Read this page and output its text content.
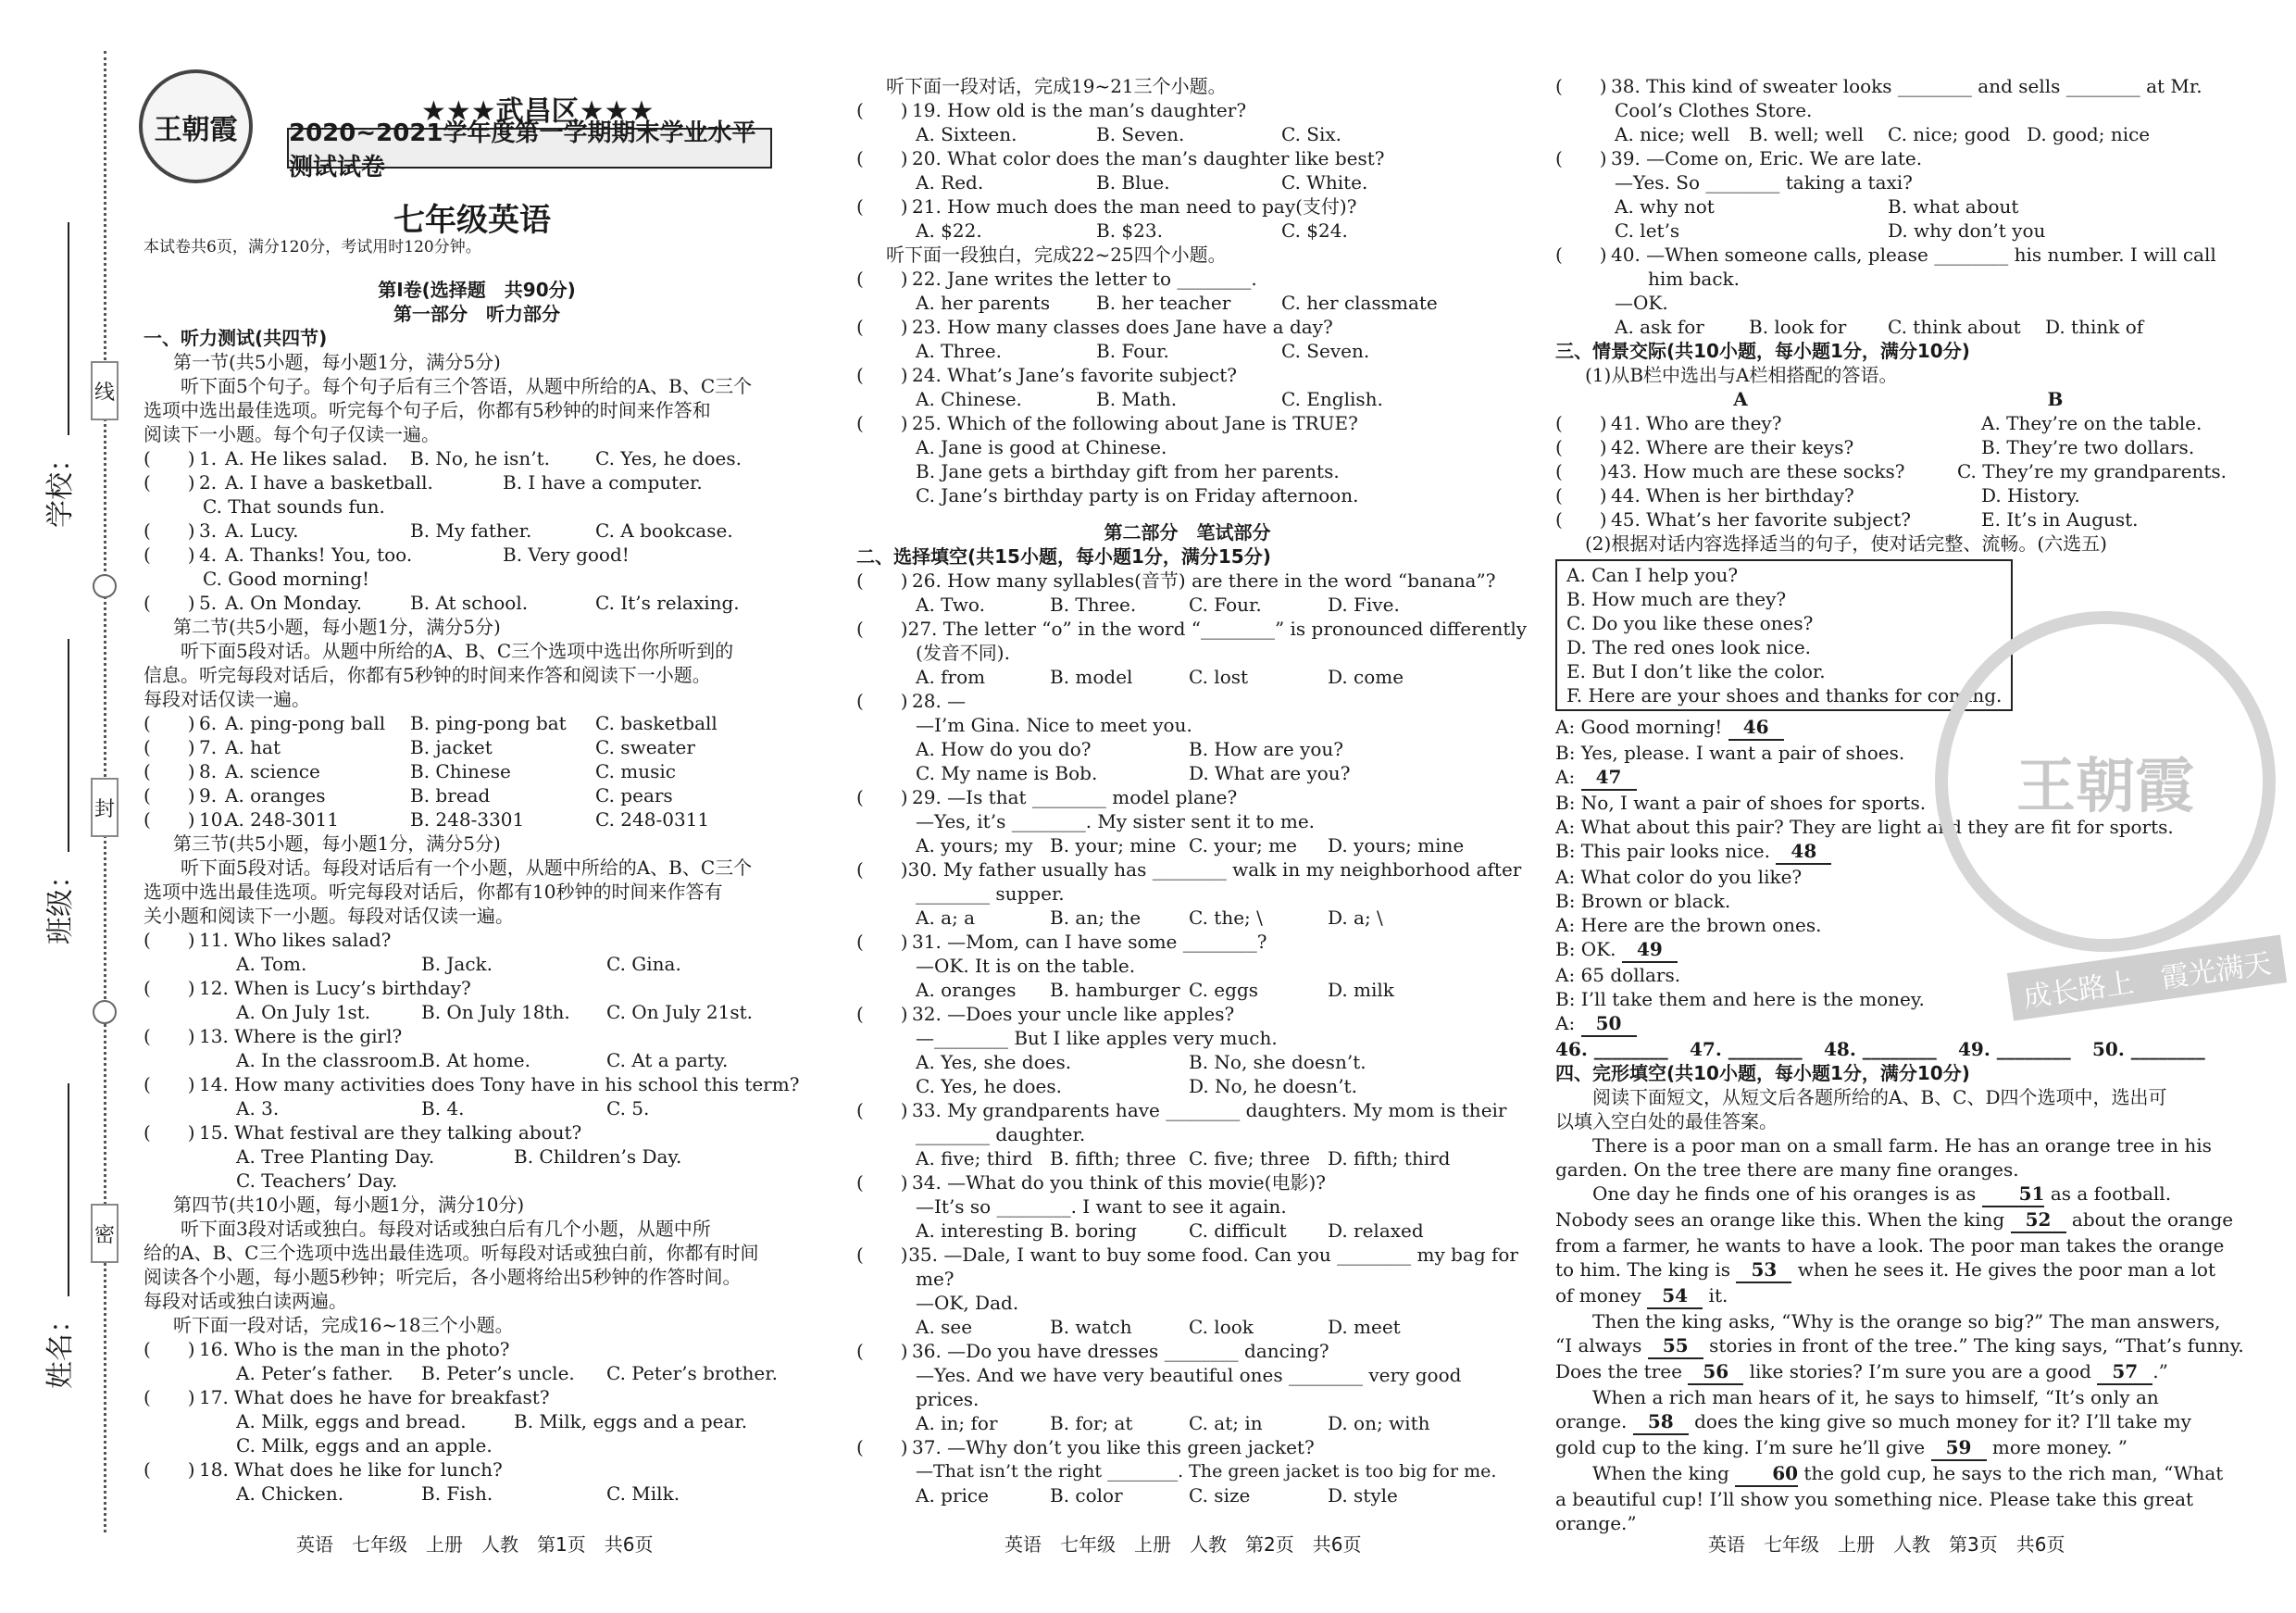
线
封
密
学校：
班级：
姓名：
王朝霞
★★★武昌区★★★
2020~2021学年度第一学期期末学业水平测试试卷
七年级英语
本试卷共6页，满分120分，考试用时120分钟。
第Ⅰ卷(选择题　共90分)
第一部分　听力部分
一、听力测试(共四节)
第一节(共5小题，每小题1分，满分5分)
听下面5个句子。每个句子后有三个答语，从题中所给的A、B、C三个
选项中选出最佳选项。听完每个句子后，你都有5秒钟的时间来作答和
阅读下一小题。每个句子仅读一遍。
(　　) 1. A. He likes salad.	B. No, he isn’t.	C. Yes, he does.
(　　) 2. A. I have a basketball.	B. I have a computer.
C. That sounds fun.
(　　) 3. A. Lucy.	B. My father.	C. A bookcase.
(　　) 4. A. Thanks! You, too.	B. Very good!
C. Good morning!
(　　) 5. A. On Monday.	B. At school.	C. It’s relaxing.
第二节(共5小题，每小题1分，满分5分)
听下面5段对话。从题中所给的A、B、C三个选项中选出你所听到的
信息。听完每段对话后，你都有5秒钟的时间来作答和阅读下一小题。
每段对话仅读一遍。
(　　) 6. A. ping-pong ball	B. ping-pong bat	C. basketball
(　　) 7. A. hat	B. jacket	C. sweater
(　　) 8. A. science	B. Chinese	C. music
(　　) 9. A. oranges	B. bread	C. pears
(　　) 10.
A. 248-3011	B. 248-3301	C. 248-0311
第三节(共5小题，每小题1分，满分5分)
听下面5段对话。每段对话后有一个小题，从题中所给的A、B、C三个
选项中选出最佳选项。听完每段对话后，你都有10秒钟的时间来作答有
关小题和阅读下一小题。每段对话仅读一遍。
(　　) 11. Who likes salad?
A. Tom.	B. Jack.	C. Gina.
(　　) 12. When is Lucy’s birthday?
A. On July 1st.	B. On July 18th.	C. On July 21st.
(　　) 13. Where is the girl?
A. In the classroom.
B. At home.	C. At a party.
(　　) 14. How many activities does Tony have in his school this term?
A. 3.	B. 4.	C. 5.
(　　) 15. What festival are they talking about?
A. Tree Planting Day.	B. Children’s Day.
C. Teachers’ Day.
第四节(共10小题，每小题1分，满分10分)
听下面3段对话或独白。每段对话或独白后有几个小题，从题中所
给的A、B、C三个选项中选出最佳选项。听每段对话或独白前，你都有时间
阅读各个小题，每小题5秒钟；听完后，各小题将给出5秒钟的作答时间。
每段对话或独白读两遍。
听下面一段对话，完成16~18三个小题。
(　　) 16. Who is the man in the photo?
A. Peter’s father.	B. Peter’s uncle.	C. Peter’s brother.
(　　) 17. What does he have for breakfast?
A. Milk, eggs and bread.	B. Milk, eggs and a pear.
C. Milk, eggs and an apple.
(　　) 18. What does he like for lunch?
A. Chicken.	B. Fish.	C. Milk.
听下面一段对话，完成19~21三个小题。
(　　) 19. How old is the man’s daughter?
A. Sixteen.	B. Seven.	C. Six.
(　　) 20. What color does the man’s daughter like best?
A. Red.	B. Blue.	C. White.
(　　) 21. How much does the man need to pay(支付)?
A. $22.	B. $23.	C. $24.
听下面一段独白，完成22~25四个小题。
(　　) 22. Jane writes the letter to ________.
A. her parents	B. her teacher	C. her classmate
(　　) 23. How many classes does Jane have a day?
A. Three.	B. Four.	C. Seven.
(　　) 24. What’s Jane’s favorite subject?
A. Chinese.	B. Math.	C. English.
(　　) 25. Which of the following about Jane is TRUE?
A. Jane is good at Chinese.
B. Jane gets a birthday gift from her parents.
C. Jane’s birthday party is on Friday afternoon.
第二部分　笔试部分
二、选择填空(共15小题，每小题1分，满分15分)
(　　) 26. How many syllables(音节) are there in the word “banana”?
A. Two.	B. Three.	C. Four.	D. Five.
(　　) 27. The letter “o” in the word “________” is pronounced differently
(发音不同).
A. from	B. model	C. lost	D. come
(　　) 28. —
—I’m Gina. Nice to meet you.
A. How do you do?	B. How are you?
C. My name is Bob.	D. What are you?
(　　) 29. —Is that ________ model plane?
—Yes, it’s ________. My sister sent it to me.
A. yours; my B. your; mine C. your; me	D. yours; mine
(　　) 30. My father usually has ________ walk in my neighborhood after
________ supper.
A. a; a	B. an; the	C. the; \	D. a; \
(　　) 31. —Mom, can I have some ________?
—OK. It is on the table.
A. oranges	B. hamburger C. eggs	D. milk
(　　) 32. —Does your uncle like apples?
—________ But I like apples very much.
A. Yes, she does.	B. No, she doesn’t.
C. Yes, he does.	D. No, he doesn’t.
(　　) 33. My grandparents have ________ daughters. My mom is their
________ daughter.
A. five; third B. fifth; three C. five; three D. fifth; third
(　　) 34. —What do you think of this movie(电影)?
—It’s so ________. I want to see it again.
A. interesting B. boring	C. difficult	D. relaxed
(　　) 35. —Dale, I want to buy some food. Can you ________ my bag for
me?
—OK, Dad.
A. see	B. watch	C. look	D. meet
(　　) 36. —Do you have dresses ________ dancing?
—Yes. And we have very beautiful ones ________ very good
prices.
A. in; for	B. for; at	C. at; in	D. on; with
(　　) 37. —Why don’t you like this green jacket?
—That isn’t the right ________. The green jacket is too big for me.
A. price	B. color	C. size	D. style
(　　) 38. This kind of sweater looks ________ and sells ________ at Mr.
Cool’s Clothes Store.
A. nice; well	B. well; well	C. nice; good D. good; nice
(　　) 39. —Come on, Eric. We are late.
—Yes. So ________ taking a taxi?
A. why not	B. what about
C. let’s	D. why don’t you
(　　) 40. —When someone calls, please ________ his number. I will call
him back.
—OK.
A. ask for	B. look for	C. think about	D. think of
三、情景交际(共10小题，每小题1分，满分10分)
(1)从B栏中选出与A栏相搭配的答语。
A	B
(　　) 41. Who are they?	A. They’re on the table.
(　　) 42. Where are their keys?	B. They’re two dollars.
(　　) 43. How much are these socks?	C. They’re my grandparents.
(　　) 44. When is her birthday?	D. History.
(　　) 45. What’s her favorite subject?	E. It’s in August.
(2)根据对话内容选择适当的句子，使对话完整、流畅。(六选五)
A. Can I help you?
B. How much are they?
C. Do you like these ones?
D. The red ones look nice.
E. But I don’t like the color.
F. Here are your shoes and thanks for coming.
A: Good morning! 46
B: Yes, please. I want a pair of shoes.
A: 47
B: No, I want a pair of shoes for sports.
A: What about this pair? They are light and they are fit for sports.
B: This pair looks nice. 48
A: What color do you like?
B: Brown or black.
A: Here are the brown ones.
B: OK. 49
A: 65 dollars.
B: I’ll take them and here is the money.
A: 50
46. ________	47. ________	48. ________	49. ________	50. ________
四、完形填空(共10小题，每小题1分，满分10分)
阅读下面短文，从短文后各题所给的A、B、C、D四个选项中，选出可
以填入空白处的最佳答案。
There is a poor man on a small farm. He has an orange tree in his
garden. On the tree there are many fine oranges.
One day he finds one of his oranges is as 51 as a football.
Nobody sees an orange like this. When the king 52 about the orange
from a farmer, he wants to have a look. The poor man takes the orange
to him. The king is 53 when he sees it. He gives the poor man a lot
of money 54 it.
Then the king asks, “Why is the orange so big?” The man answers,
“I always 55 stories in front of the tree.” The king says, “That’s funny.
Does the tree 56 like stories? I’m sure you are a good 57 .”
When a rich man hears of it, he says to himself, “It’s only an
orange. 58 does the king give so much money for it? I’ll take my
gold cup to the king. I’m sure he’ll give 59 more money. ”
When the king 60 the gold cup, he says to the rich man, “What
a beautiful cup! I’ll show you something nice. Please take this great
orange.”
王朝霞
成长路上　霞光满天
英语　七年级　上册　人教　第1页　共6页	英语　七年级　上册　人教　第2页　共6页	英语　七年级　上册　人教　第3页　共6页
